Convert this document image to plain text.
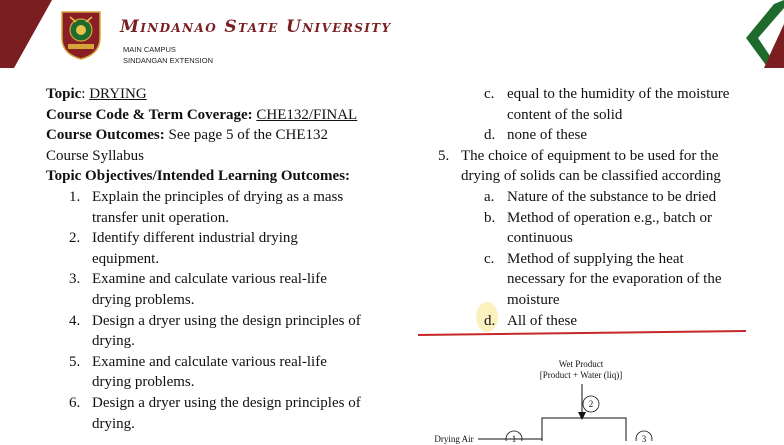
Mindanao State University
MAIN CAMPUS
SINDANGAN EXTENSION

Topic: DRYING

Course Code & Term Coverage: CHE132/FINAL

Course Outcomes: See page 5 of the CHE132

Course Syllabus

Topic Objectives/Intended Learning Outcomes:

1. Explain the principles of drying as a mass
transfer unit operation.
2. Identify different industrial drying
equipment.
3. Examine and calculate various real-life
drying problems.
4. Design a dryer using the design principles of
drying.
5. Examine and calculate various real-life
drying problems.
6. Design a dryer using the design principles of
drying.
c. equal to the humidity of the moisture
content of the solid
d. none of these
5. The choice of equipment to be used for the
drying of solids can be classified according
a. Nature of the substance to be dried
b. Method of operation e.g., batch or
continuous
c. Method of supplying the heat
necessary for the evaporation of the
moisture
d. All of these
Wet Product
[Product + Water (liq)]
2
1	3
Drying Air
